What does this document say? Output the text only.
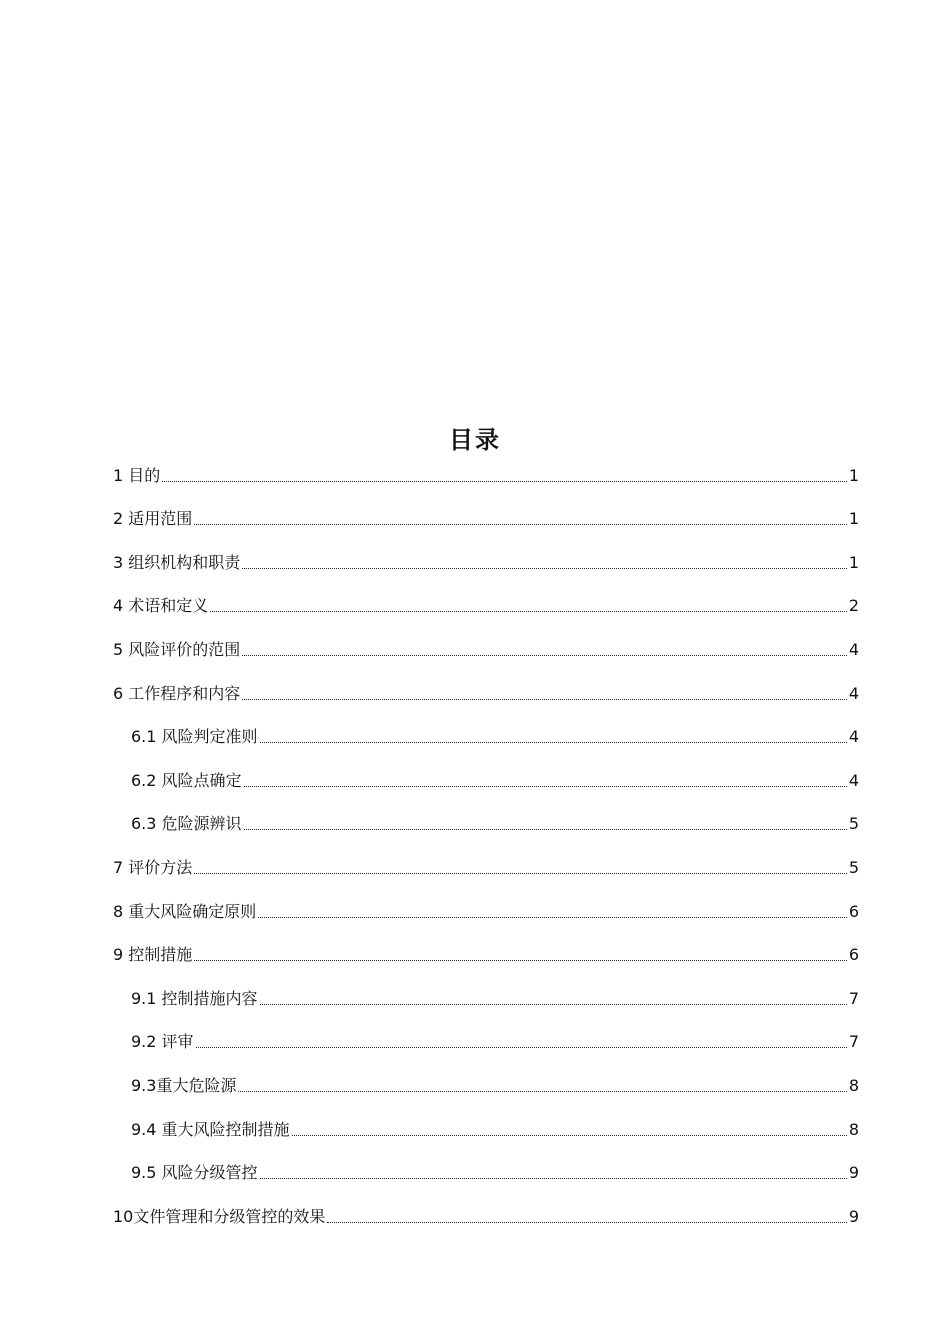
目录
1 目的	1
2 适用范围	1
3 组织机构和职责	1
4 术语和定义	2
5 风险评价的范围	4
6 工作程序和内容	4
6.1 风险判定准则	4
6.2 风险点确定	4
6.3 危险源辨识	5
7 评价方法	5
8 重大风险确定原则	6
9 控制措施	6
9.1 控制措施内容	7
9.2 评审	7
9.3重大危险源	8
9.4 重大风险控制措施	8
9.5 风险分级管控	9
10文件管理和分级管控的效果	9
